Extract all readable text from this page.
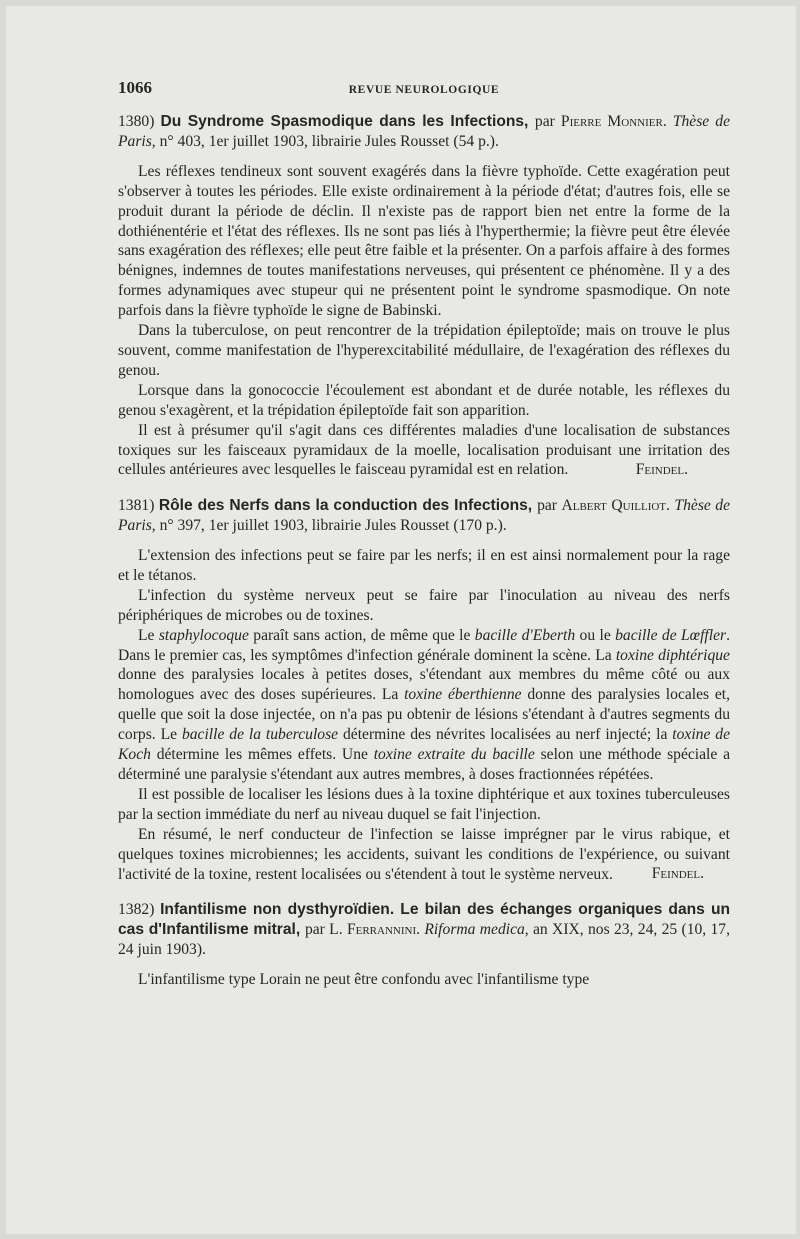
1066	REVUE NEUROLOGIQUE
1380) Du Syndrome Spasmodique dans les Infections, par Pierre Monnier. Thèse de Paris, n° 403, 1er juillet 1903, librairie Jules Rousset (54 p.).

Les réflexes tendineux sont souvent exagérés dans la fièvre typhoïde. Cette exagération peut s'observer à toutes les périodes. Elle existe ordinairement à la période d'état; d'autres fois, elle se produit durant la période de déclin. Il n'existe pas de rapport bien net entre la forme de la dothiénentérie et l'état des réflexes. Ils ne sont pas liés à l'hyperthermie; la fièvre peut être élevée sans exagération des réflexes; elle peut être faible et la présenter. On a parfois affaire à des formes bénignes, indemnes de toutes manifestations nerveuses, qui présentent ce phénomène. Il y a des formes adynamiques avec stupeur qui ne présentent point le syndrome spasmodique. On note parfois dans la fièvre typhoïde le signe de Babinski.

Dans la tuberculose, on peut rencontrer de la trépidation épileptoïde; mais on trouve le plus souvent, comme manifestation de l'hyperexcitabilité médullaire, de l'exagération des réflexes du genou.

Lorsque dans la gonococcie l'écoulement est abondant et de durée notable, les réflexes du genou s'exagèrent, et la trépidation épileptoïde fait son apparition.

Il est à présumer qu'il s'agit dans ces différentes maladies d'une localisation de substances toxiques sur les faisceaux pyramidaux de la moelle, localisation produisant une irritation des cellules antérieures avec lesquelles le faisceau pyramidal est en relation.	Feindel.
1381) Rôle des Nerfs dans la conduction des Infections, par Albert Quilliot. Thèse de Paris, n° 397, 1er juillet 1903, librairie Jules Rousset (170 p.).

L'extension des infections peut se faire par les nerfs; il en est ainsi normalement pour la rage et le tétanos.

L'infection du système nerveux peut se faire par l'inoculation au niveau des nerfs périphériques de microbes ou de toxines.

Le staphylocoque paraît sans action, de même que le bacille d'Eberth ou le bacille de Lœffler. Dans le premier cas, les symptômes d'infection générale dominent la scène. La toxine diphtérique donne des paralysies locales à petites doses, s'étendant aux membres du même côté ou aux homologues avec des doses supérieures. La toxine éberthienne donne des paralysies locales et, quelle que soit la dose injectée, on n'a pas pu obtenir de lésions s'étendant à d'autres segments du corps. Le bacille de la tuberculose détermine des névrites localisées au nerf injecté; la toxine de Koch détermine les mêmes effets. Une toxine extraite du bacille selon une méthode spéciale a déterminé une paralysie s'étendant aux autres membres, à doses fractionnées répétées.

Il est possible de localiser les lésions dues à la toxine diphtérique et aux toxines tuberculeuses par la section immédiate du nerf au niveau duquel se fait l'injection.

En résumé, le nerf conducteur de l'infection se laisse imprégner par le virus rabique, et quelques toxines microbiennes; les accidents, suivant les conditions de l'expérience, ou suivant l'activité de la toxine, restent localisées ou s'étendent à tout le système nerveux.	Feindel.
1382) Infantilisme non dysthyroïdien. Le bilan des échanges organiques dans un cas d'Infantilisme mitral, par L. Ferrannini. Riforma medica, an XIX, nos 23, 24, 25 (10, 17, 24 juin 1903).

L'infantilisme type Lorain ne peut être confondu avec l'infantilisme type
